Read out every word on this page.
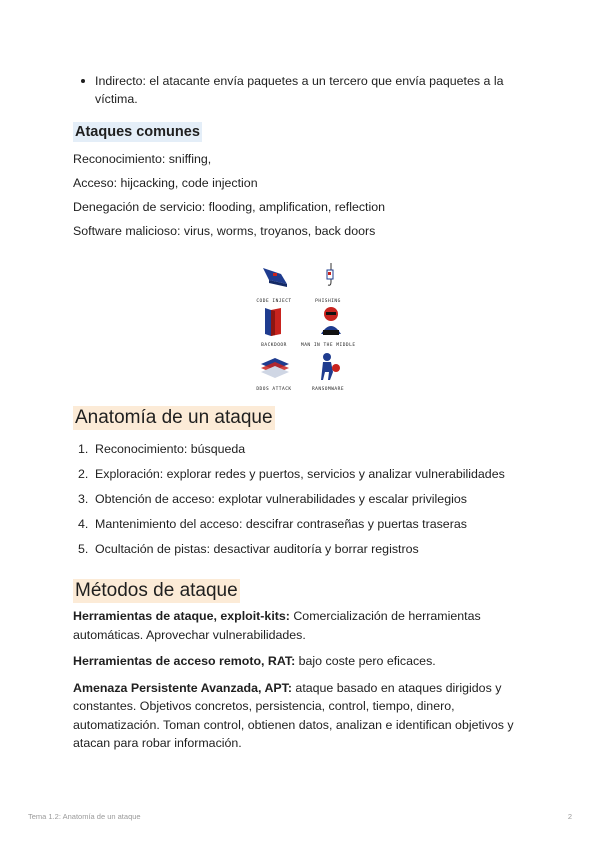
Indirecto: el atacante envía paquetes a un tercero que envía paquetes a la víctima.
Ataques comunes

Reconocimiento: sniffing,

Acceso: hijcacking, code injection

Denegación de servicio: flooding, amplification, reflection

Software malicioso: virus, worms, troyanos, back doors

CODE INJECT	PHISHING
BACKDOOR	MAN IN THE MIDDLE
DDOS ATTACK	RANSOMWARE
Anatomía de un ataque
1. Reconocimiento: búsqueda
2. Exploración: explorar redes y puertos, servicios y analizar vulnerabilidades
3. Obtención de acceso: explotar vulnerabilidades y escalar privilegios
4. Mantenimiento del acceso: descifrar contraseñas y puertas traseras
5. Ocultación de pistas: desactivar auditoría y borrar registros
Métodos de ataque

Herramientas de ataque, exploit-kits: Comercialización de herramientas automáticas. Aprovechar vulnerabilidades.

Herramientas de acceso remoto, RAT: bajo coste pero eficaces.

Amenaza Persistente Avanzada, APT: ataque basado en ataques dirigidos y constantes. Objetivos concretos, persistencia, control, tiempo, dinero, automatización. Toman control, obtienen datos, analizan e identifican objetivos y atacan para robar información.

Tema 1.2: Anatomía de un ataque	2
